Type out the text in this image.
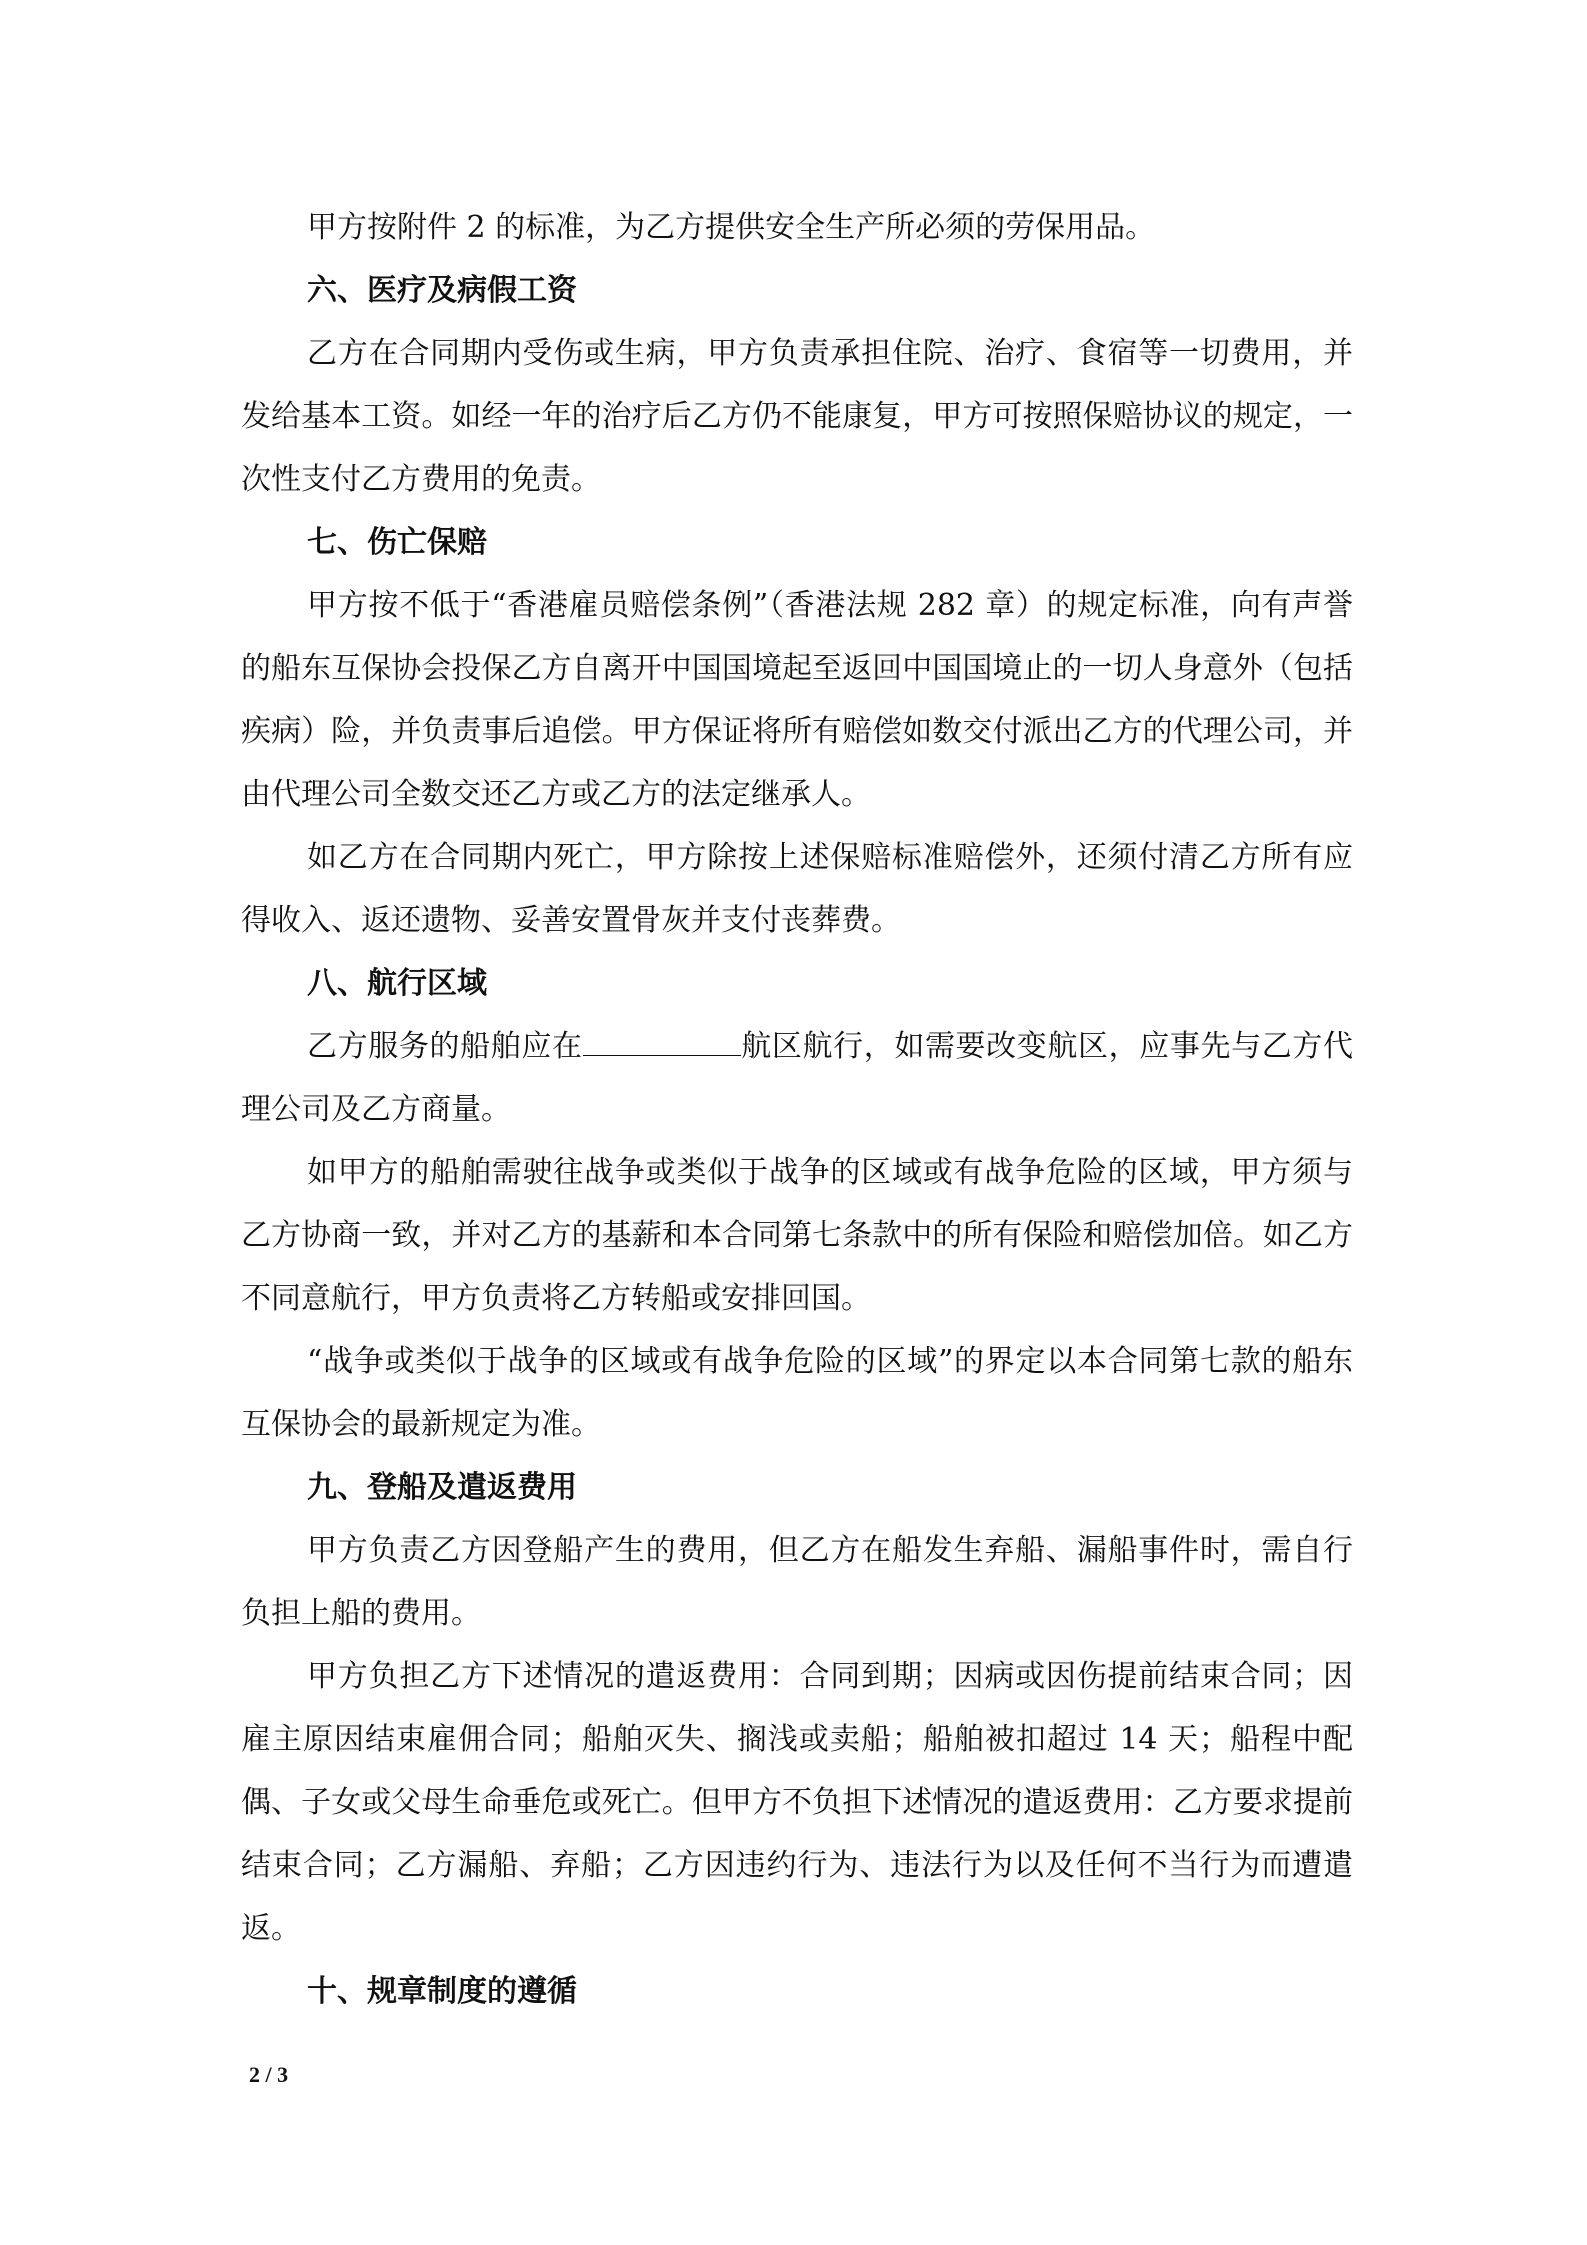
甲方按附件 2 的标准，为乙方提供安全生产所必须的劳保用品。

六、医疗及病假工资

乙方在合同期内受伤或生病，甲方负责承担住院、治疗、食宿等一切费用，并发给基本工资。如经一年的治疗后乙方仍不能康复，甲方可按照保赔协议的规定，一次性支付乙方费用的免责。

七、伤亡保赔

甲方按不低于“香港雇员赔偿条例”（香港法规 282 章）的规定标准，向有声誉的船东互保协会投保乙方自离开中国国境起至返回中国国境止的一切人身意外（包括疾病）险，并负责事后追偿。甲方保证将所有赔偿如数交付派出乙方的代理公司，并由代理公司全数交还乙方或乙方的法定继承人。

如乙方在合同期内死亡，甲方除按上述保赔标准赔偿外，还须付清乙方所有应得收入、返还遗物、妥善安置骨灰并支付丧葬费。

八、航行区域

乙方服务的船舶应在	航区航行，如需要改变航区，应事先与乙方代理公司及乙方商量。

如甲方的船舶需驶往战争或类似于战争的区域或有战争危险的区域，甲方须与乙方协商一致，并对乙方的基薪和本合同第七条款中的所有保险和赔偿加倍。如乙方不同意航行，甲方负责将乙方转船或安排回国。

“战争或类似于战争的区域或有战争危险的区域”的界定以本合同第七款的船东互保协会的最新规定为准。

九、登船及遣返费用

甲方负责乙方因登船产生的费用，但乙方在船发生弃船、漏船事件时，需自行负担上船的费用。

甲方负担乙方下述情况的遣返费用：合同到期；因病或因伤提前结束合同；因雇主原因结束雇佣合同；船舶灭失、搁浅或卖船；船舶被扣超过 14 天；船程中配偶、子女或父母生命垂危或死亡。但甲方不负担下述情况的遣返费用：乙方要求提前结束合同；乙方漏船、弃船；乙方因违约行为、违法行为以及任何不当行为而遭遣返。

十、规章制度的遵循

2 / 3
